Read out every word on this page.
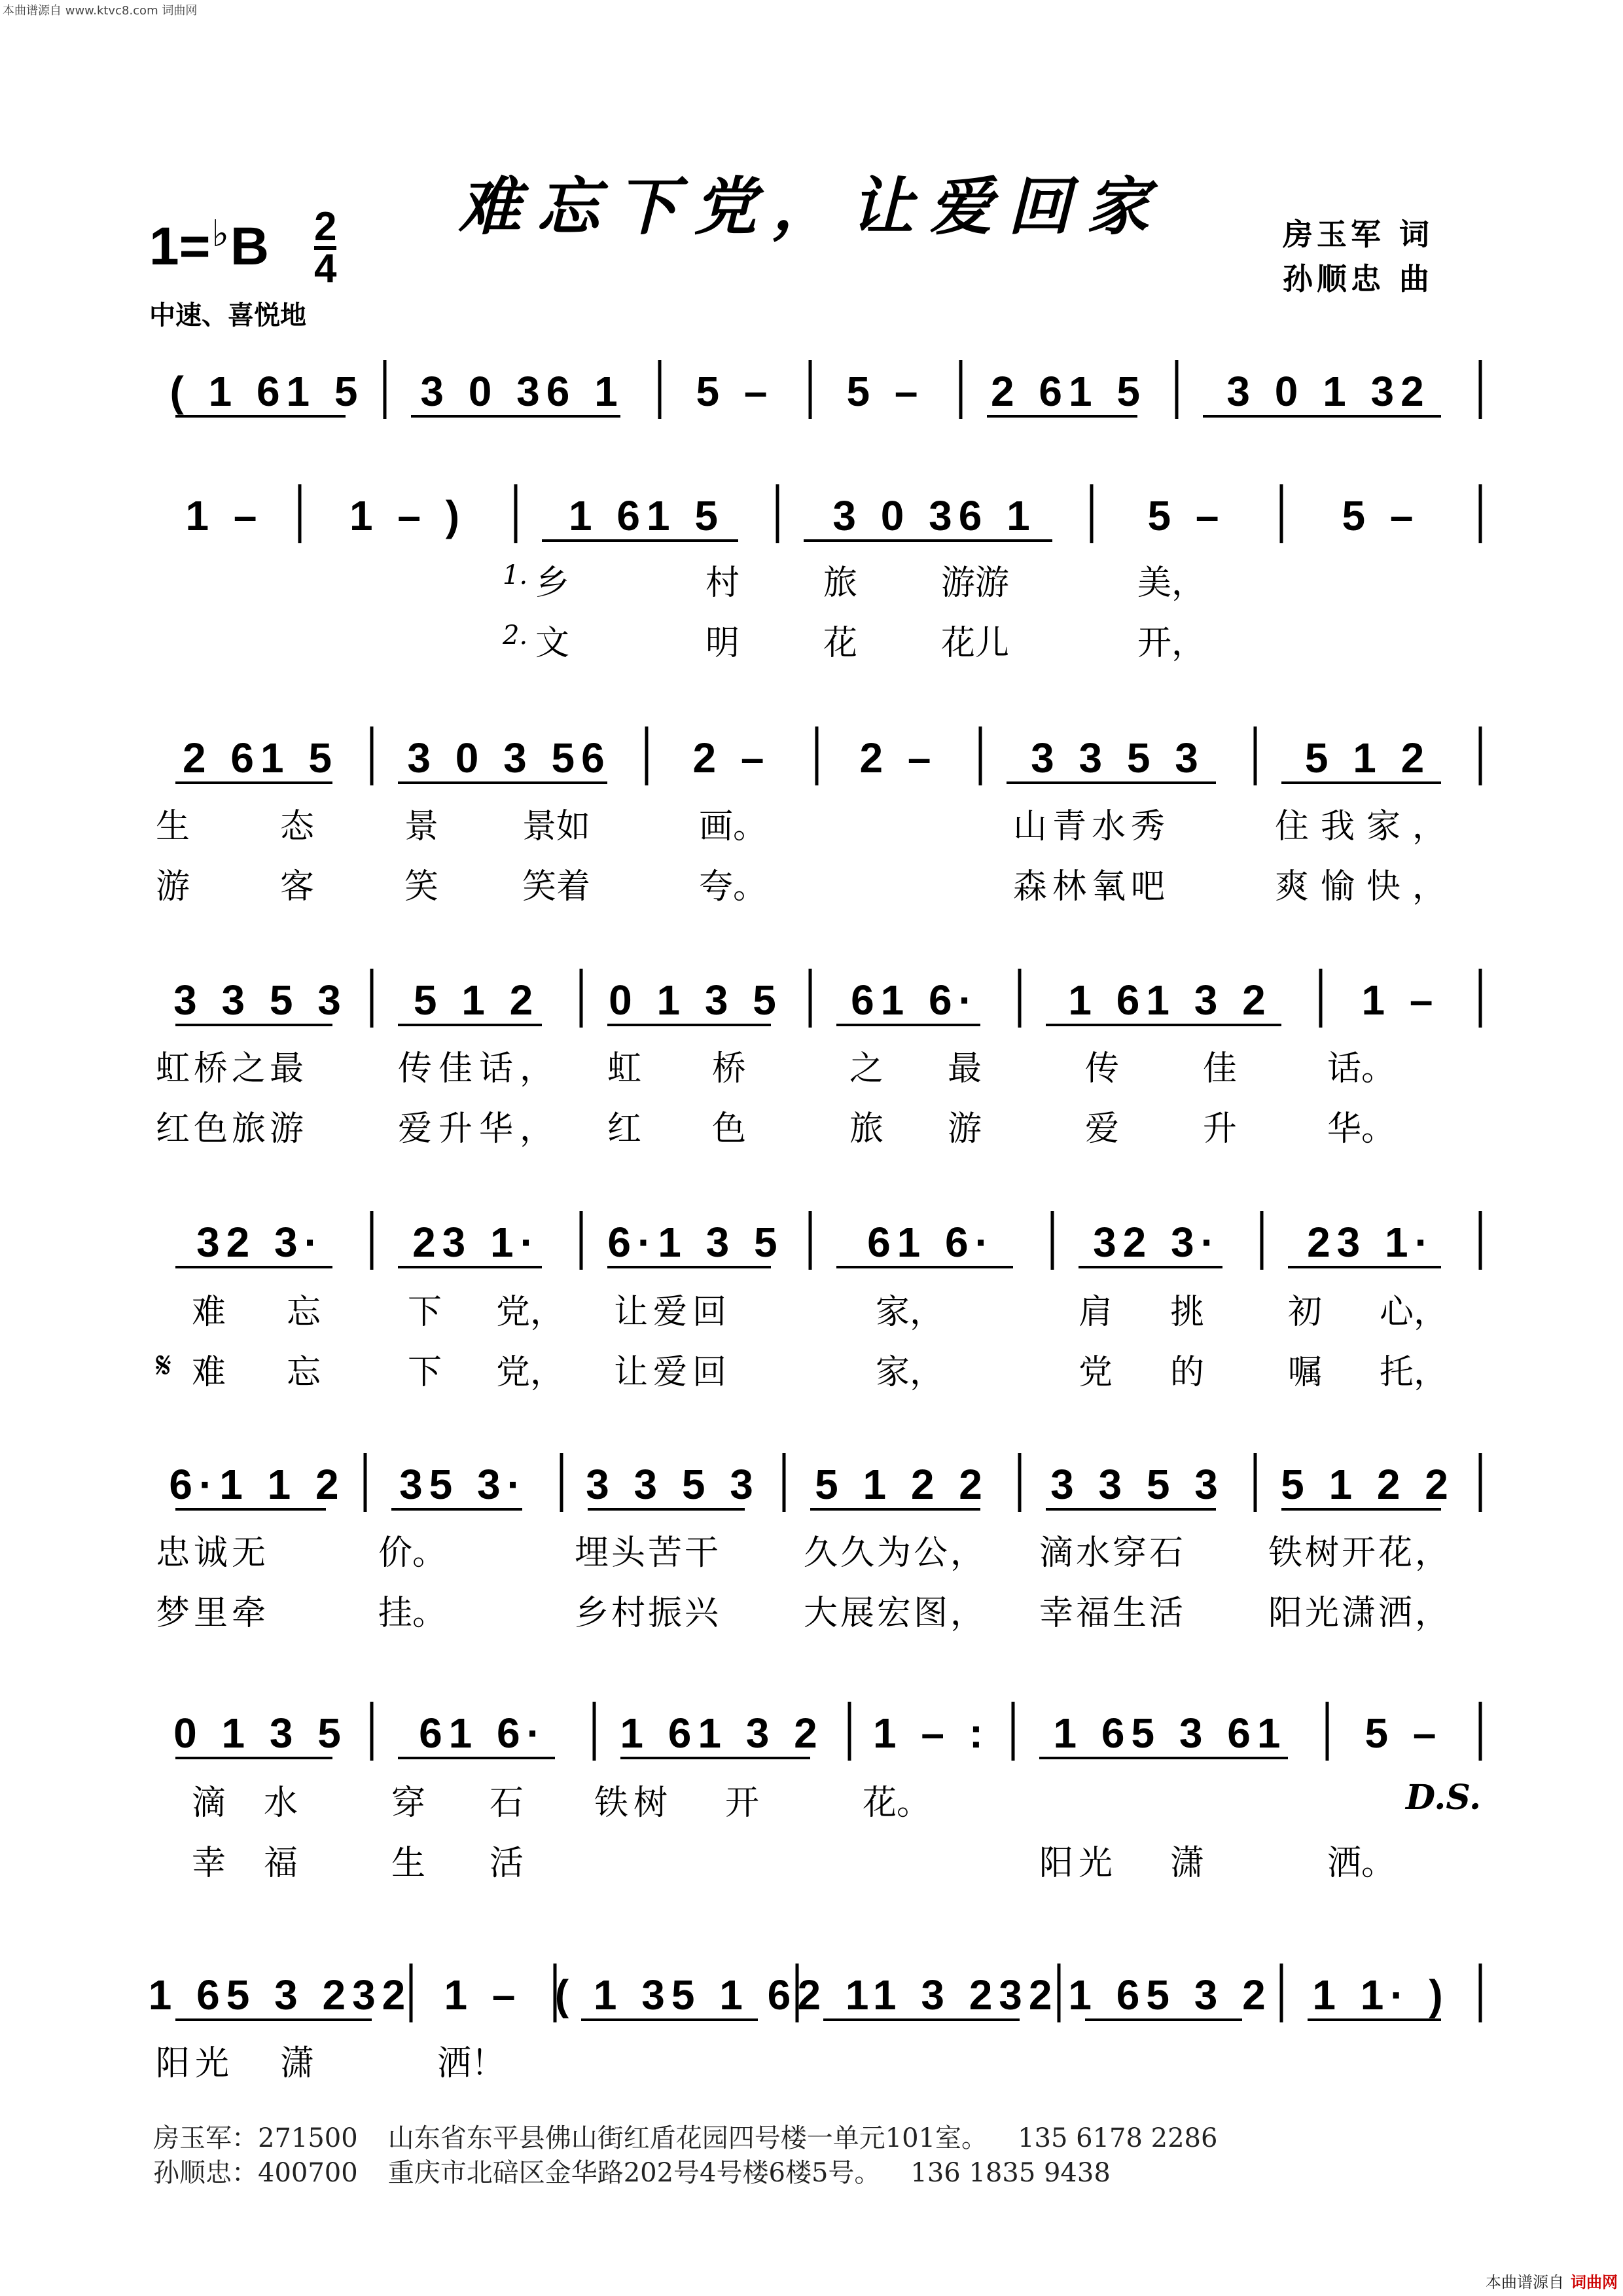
本曲谱源自 www.ktvc8.com 词曲网
难忘下党，让爱回家
1=♭B 2
4
中速、喜悦地
房玉军 词
孙顺忠 曲
( 1 61 5 3 0 36 1 5 – 5 – 2 61 5 3 0 1 32
1 – 1 – ) 1 61 5	3 0 36 1	5 –	5 –
2 61 5 3 0 3 56 2 – 2 – 3 3 5 3 5 1 2
3 3 5 3 5 1 2 0 1 3 5 61 6· 1 61 3 2 1 –
32 3· 23 1· 6·1 3 5 61 6· 32 3· 23 1·
6·1 1 2 35 3· 3 3 5 3 5 1 2 2 3 3 5 3 5 1 2 2
0 1 3 5 61 6· 1 61 3 2 1 – : 1 65 3 61 5 –
1 65 3 232 1 – ( 1 35 1 6 2 11 3 232 1 65 3 2 1 1· )
1. 乡	村 旅 游游	美，
2. 文	明 花 花儿	开，
生	态	景 景如	画。	山青水秀	住我家，
游	客	笑 笑着	夸。	森林氧吧	爽愉快，
虹桥之最	传佳话， 虹 桥	之 最	传 佳	话。
红色旅游	爱升华， 红 色	旅 游	爱 升	华。
难 忘	下 党， 让爱回	家，	肩 挑 初 心，
𝄋 难 忘	下 党， 让爱回	家，	党 的 嘱 托，
忠诚无	价。	埋头苦干 久久为公， 滴水穿石 铁树开花，
梦里牵	挂。	乡村振兴 大展宏图， 幸福生活 阳光潇洒，
滴 水	穿 石 铁树 开	花。	D.S.
幸 福	生 活	阳光 潇	洒。
阳光 潇	洒！
房玉军：271500 山东省东平县佛山街红盾花园四号楼一单元101室。 135 6178 2286
孙顺忠：400700 重庆市北碚区金华路202号4号楼6楼5号。 136 1835 9438
本曲谱源自 词曲网
